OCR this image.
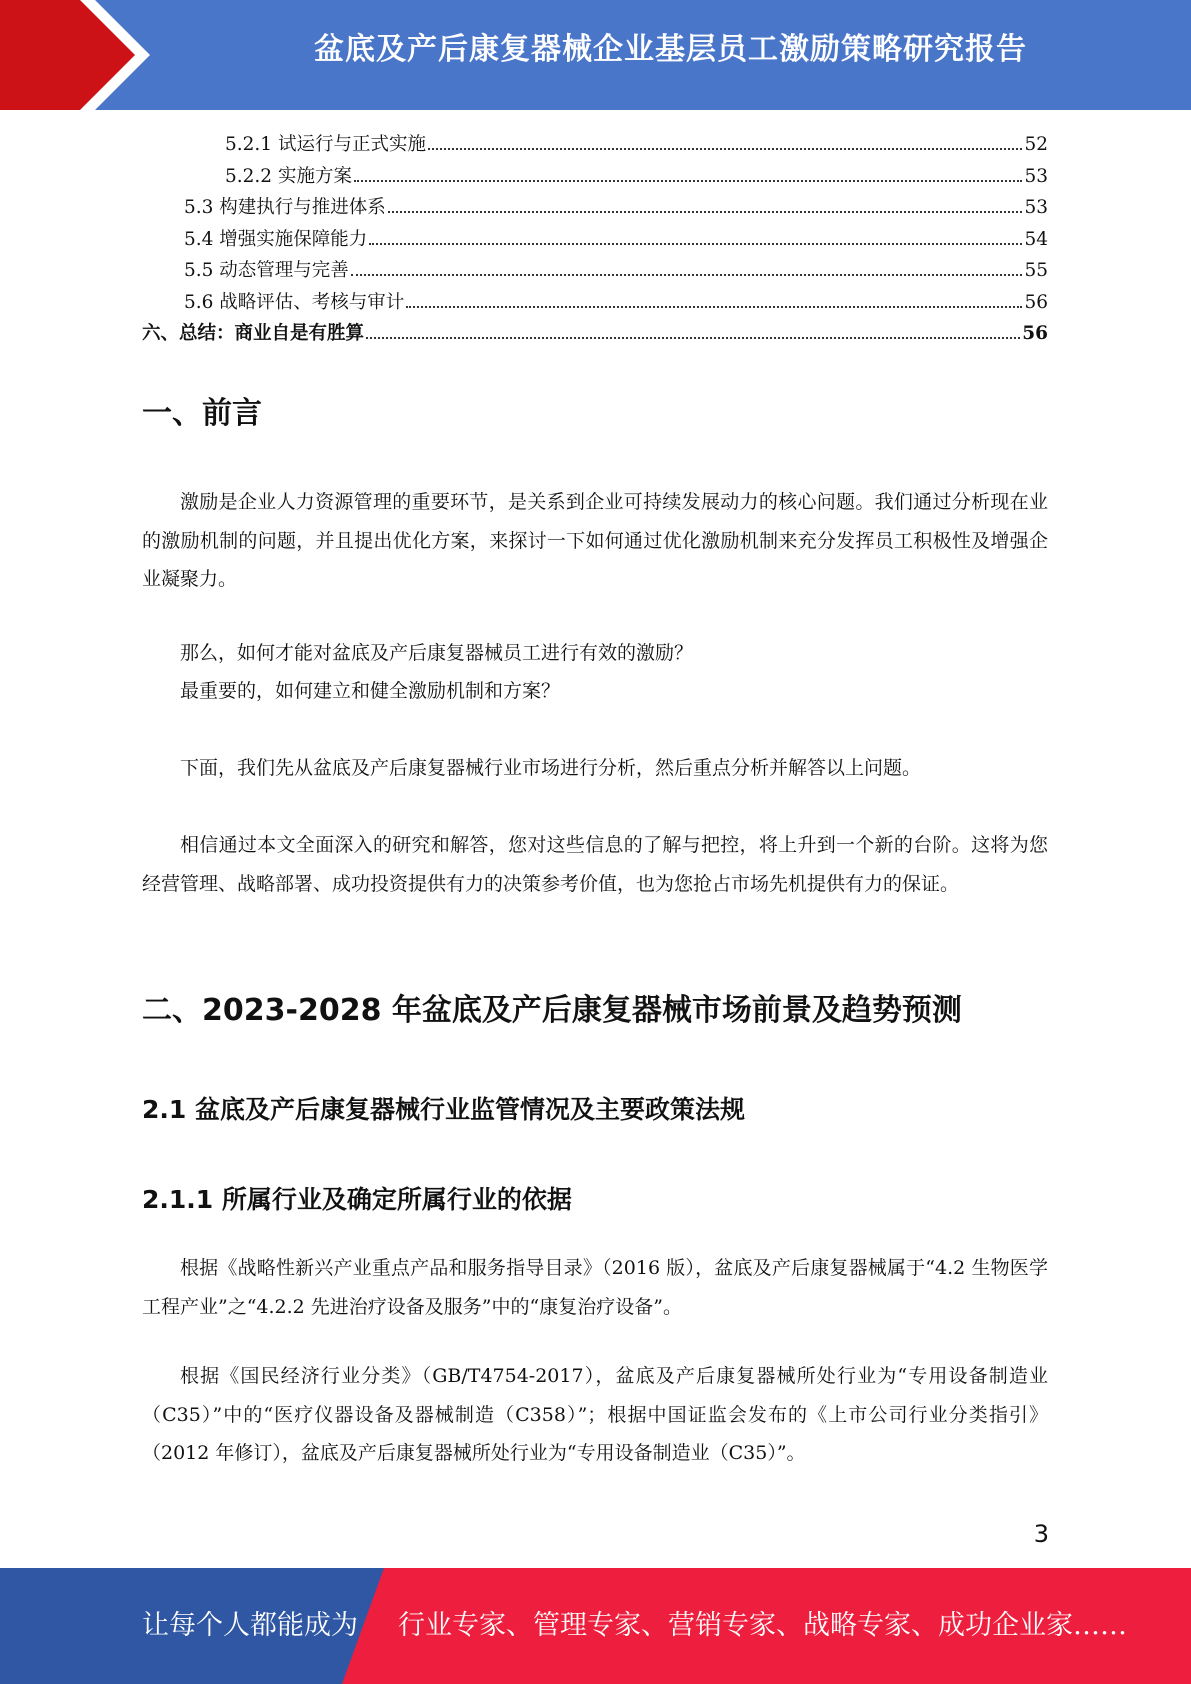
盆底及产后康复器械企业基层员工激励策略研究报告
5.2.1 试运行与正式实施	52
5.2.2 实施方案	53
5.3 构建执行与推进体系	53
5.4 增强实施保障能力	54
5.5 动态管理与完善	55
5.6 战略评估、考核与审计	56
六、总结：商业自是有胜算	56
一、前言
激励是企业人力资源管理的重要环节，是关系到企业可持续发展动力的核心问题。我们通过分析现在业的激励机制的问题，并且提出优化方案，来探讨一下如何通过优化激励机制来充分发挥员工积极性及增强企业凝聚力。
那么，如何才能对盆底及产后康复器械员工进行有效的激励？
最重要的，如何建立和健全激励机制和方案？
下面，我们先从盆底及产后康复器械行业市场进行分析，然后重点分析并解答以上问题。
相信通过本文全面深入的研究和解答，您对这些信息的了解与把控，将上升到一个新的台阶。这将为您经营管理、战略部署、成功投资提供有力的决策参考价值，也为您抢占市场先机提供有力的保证。
二、2023-2028 年盆底及产后康复器械市场前景及趋势预测
2.1 盆底及产后康复器械行业监管情况及主要政策法规
2.1.1 所属行业及确定所属行业的依据
根据《战略性新兴产业重点产品和服务指导目录》（2016 版），盆底及产后康复器械属于“4.2 生物医学工程产业”之“4.2.2 先进治疗设备及服务”中的“康复治疗设备”。
根据《国民经济行业分类》（GB/T4754-2017），盆底及产后康复器械所处行业为“专用设备制造业（C35）”中的“医疗仪器设备及器械制造（C358）”；根据中国证监会发布的《上市公司行业分类指引》（2012 年修订），盆底及产后康复器械所处行业为“专用设备制造业（C35）”。
3
让每个人都能成为 行业专家、管理专家、营销专家、战略专家、成功企业家……
